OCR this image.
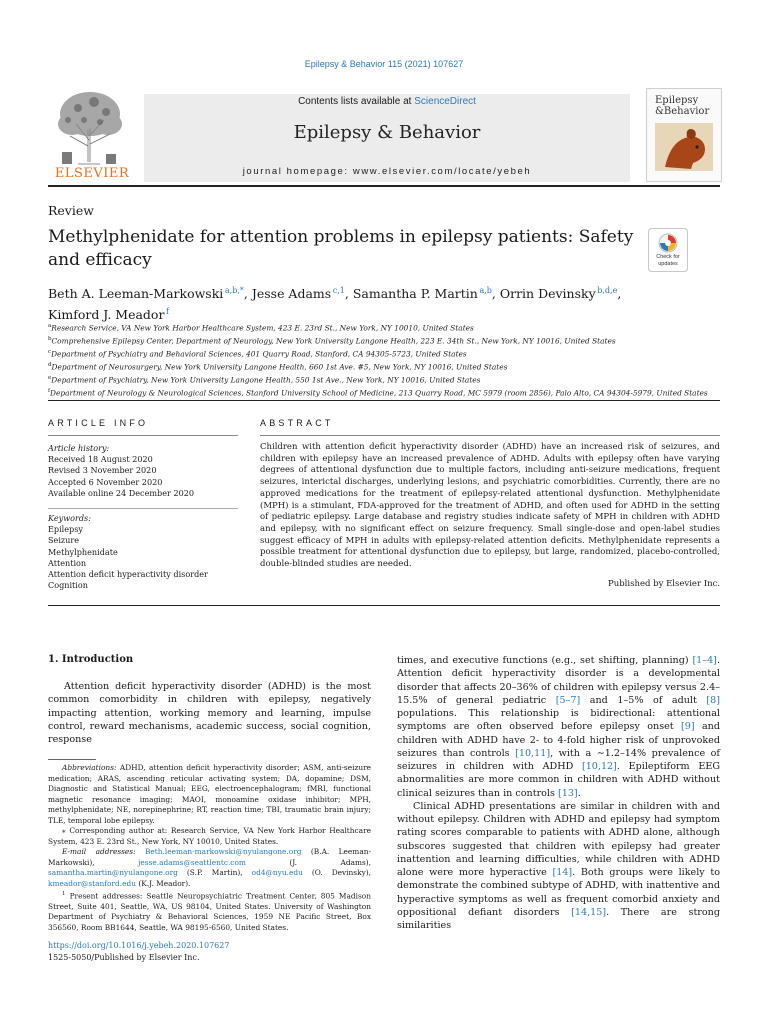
Epilepsy & Behavior 115 (2021) 107627
ELSEVIER
Contents lists available at ScienceDirect
Epilepsy & Behavior
journal homepage: www.elsevier.com/locate/yebeh
Epilepsy
&Behavior
Review
Methylphenidate for attention problems in epilepsy patients: Safety and efficacy	Check for updates
Beth A. Leeman-Markowski $^{a,b,*}$, Jesse Adams $^{c,1}$, Samantha P. Martin $^{a,b}$, Orrin Devinsky $^{b,d,e}$,
Kimford J. Meador $^f$
$^a$Research Service, VA New York Harbor Healthcare System, 423 E. 23rd St., New York, NY 10010, United States
$^b$Comprehensive Epilepsy Center, Department of Neurology, New York University Langone Health, 223 E. 34th St., New York, NY 10016, United States
$^c$Department of Psychiatry and Behavioral Sciences, 401 Quarry Road, Stanford, CA 94305-5723, United States
$^d$Department of Neurosurgery, New York University Langone Health, 660 1st Ave. #5, New York, NY 10016, United States
$^e$Department of Psychiatry, New York University Langone Health, 550 1st Ave., New York, NY 10016, United States
$^f$Department of Neurology & Neurological Sciences, Stanford University School of Medicine, 213 Quarry Road, MC 5979 (room 2856), Palo Alto, CA 94304-5979, United States
ARTICLE INFO	ABSTRACT
Article history:
Received 18 August 2020
Revised 3 November 2020
Accepted 6 November 2020
Available online 24 December 2020
Keywords:
Epilepsy
Seizure
Methylphenidate
Attention
Attention deficit hyperactivity disorder
Cognition
Children with attention deficit hyperactivity disorder (ADHD) have an increased risk of seizures, and children with epilepsy have an increased prevalence of ADHD. Adults with epilepsy often have varying degrees of attentional dysfunction due to multiple factors, including anti-seizure medications, frequent seizures, interictal discharges, underlying lesions, and psychiatric comorbidities. Currently, there are no approved medications for the treatment of epilepsy-related attentional dysfunction. Methylphenidate (MPH) is a stimulant, FDA-approved for the treatment of ADHD, and often used for ADHD in the setting of pediatric epilepsy. Large database and registry studies indicate safety of MPH in children with ADHD and epilepsy, with no significant effect on seizure frequency. Small single-dose and open-label studies suggest efficacy of MPH in adults with epilepsy-related attention deficits. Methylphenidate represents a possible treatment for attentional dysfunction due to epilepsy, but large, randomized, placebo-controlled, double-blinded studies are needed.
Published by Elsevier Inc.
1. Introduction
Attention deficit hyperactivity disorder (ADHD) is the most common comorbidity in children with epilepsy, negatively impacting attention, working memory and learning, impulse control, reward mechanisms, academic success, social cognition, response

Abbreviations: ADHD, attention deficit hyperactivity disorder; ASM, anti-seizure medication; ARAS, ascending reticular activating system; DA, dopamine; DSM, Diagnostic and Statistical Manual; EEG, electroencephalogram; fMRI, functional magnetic resonance imaging; MAOI, monoamine oxidase inhibitor; MPH, methylphenidate; NE, norepinephrine; RT, reaction time; TBI, traumatic brain injury; TLE, temporal lobe epilepsy.

⁎ Corresponding author at: Research Service, VA New York Harbor Healthcare System, 423 E. 23rd St., New York, NY 10010, United States.

E-mail addresses: Beth.leeman-markowski@nyulangone.org (B.A. Leeman-Markowski), jesse.adams@seattlentc.com (J. Adams), samantha.martin@nyulangone.org (S.P. Martin), od4@nyu.edu (O. Devinsky), kmeador@stanford.edu (K.J. Meador).

$^1$ Present addresses: Seattle Neuropsychiatric Treatment Center, 805 Madison Street, Suite 401, Seattle, WA, US 98104, United States. University of Washington Department of Psychiatry & Behavioral Sciences, 1959 NE Pacific Street, Box 356560, Room BB1644, Seattle, WA 98195-6560, United States.

https://doi.org/10.1016/j.yebeh.2020.107627
1525-5050/Published by Elsevier Inc.

times, and executive functions (e.g., set shifting, planning) [1–4]. Attention deficit hyperactivity disorder is a developmental disorder that affects 20–36% of children with epilepsy versus 2.4–15.5% of general pediatric [5–7] and 1–5% of adult [8] populations. This relationship is bidirectional: attentional symptoms are often observed before epilepsy onset [9] and children with ADHD have 2- to 4-fold higher risk of unprovoked seizures than controls [10,11], with a ∼1.2–14% prevalence of seizures in children with ADHD [10,12]. Epileptiform EEG abnormalities are more common in children with ADHD without clinical seizures than in controls [13].

Clinical ADHD presentations are similar in children with and without epilepsy. Children with ADHD and epilepsy had symptom rating scores comparable to patients with ADHD alone, although subscores suggested that children with epilepsy had greater inattention and learning difficulties, while children with ADHD alone were more hyperactive [14]. Both groups were likely to demonstrate the combined subtype of ADHD, with inattentive and hyperactive symptoms as well as frequent comorbid anxiety and oppositional defiant disorders [14,15]. There are strong similarities
